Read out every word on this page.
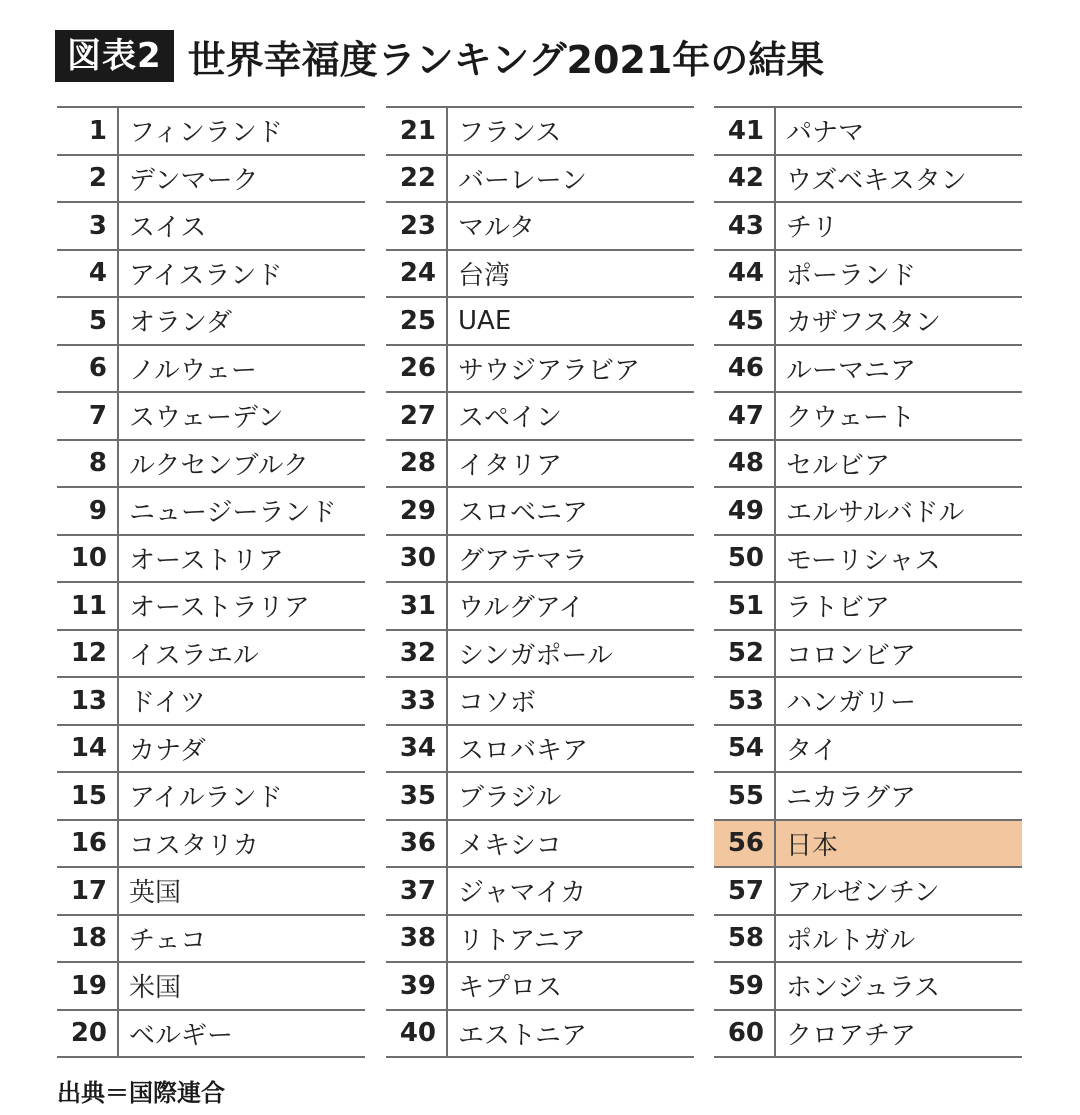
図表2 世界幸福度ランキング2021年の結果
1 フィンランド
2 デンマーク
3 スイス
4 アイスランド
5 オランダ
6 ノルウェー
7 スウェーデン
8 ルクセンブルク
9 ニュージーランド
10 オーストリア
11 オーストラリア
12 イスラエル
13 ドイツ
14 カナダ
15 アイルランド
16 コスタリカ
17 英国
18 チェコ
19 米国
20 ベルギー
21 フランス
22 バーレーン
23 マルタ
24 台湾
25 UAE
26 サウジアラビア
27 スペイン
28 イタリア
29 スロベニア
30 グアテマラ
31 ウルグアイ
32 シンガポール
33 コソボ
34 スロバキア
35 ブラジル
36 メキシコ
37 ジャマイカ
38 リトアニア
39 キプロス
40 エストニア
41 パナマ
42 ウズベキスタン
43 チリ
44 ポーランド
45 カザフスタン
46 ルーマニア
47 クウェート
48 セルビア
49 エルサルバドル
50 モーリシャス
51 ラトビア
52 コロンビア
53 ハンガリー
54 タイ
55 ニカラグア
56 日本
57 アルゼンチン
58 ポルトガル
59 ホンジュラス
60 クロアチア
出典＝国際連合
